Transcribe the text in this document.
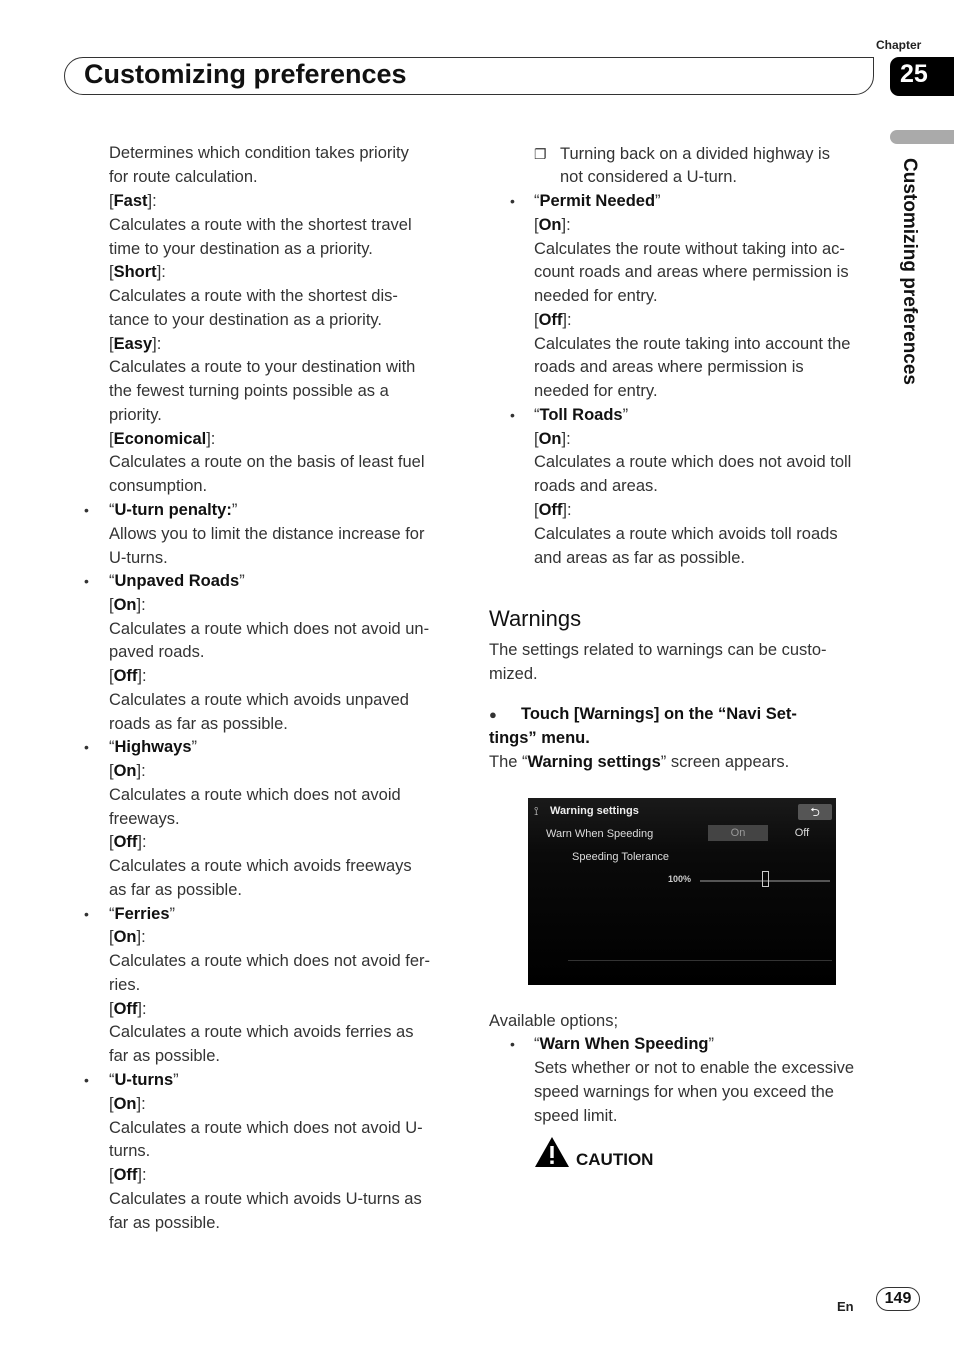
Chapter
Customizing preferences	25
Customizing preferences
Determines which condition takes priority
for route calculation.
[Fast]:
Calculates a route with the shortest travel
time to your destination as a priority.
[Short]:
Calculates a route with the shortest dis-
tance to your destination as a priority.
[Easy]:
Calculates a route to your destination with
the fewest turning points possible as a
priority.
[Economical]:
Calculates a route on the basis of least fuel
consumption.
• “U-turn penalty:”
Allows you to limit the distance increase for
U-turns.
• “Unpaved Roads”
[On]:
Calculates a route which does not avoid un-
paved roads.
[Off]:
Calculates a route which avoids unpaved
roads as far as possible.
• “Highways”
[On]:
Calculates a route which does not avoid
freeways.
[Off]:
Calculates a route which avoids freeways
as far as possible.
• “Ferries”
[On]:
Calculates a route which does not avoid fer-
ries.
[Off]:
Calculates a route which avoids ferries as
far as possible.
• “U-turns”
[On]:
Calculates a route which does not avoid U-
turns.
[Off]:
Calculates a route which avoids U-turns as
far as possible.
❐ Turning back on a divided highway is
not considered a U-turn.
• “Permit Needed”
[On]:
Calculates the route without taking into ac-
count roads and areas where permission is
needed for entry.
[Off]:
Calculates the route taking into account the
roads and areas where permission is
needed for entry.
• “Toll Roads”
[On]:
Calculates a route which does not avoid toll
roads and areas.
[Off]:
Calculates a route which avoids toll roads
and areas as far as possible.
Warnings
The settings related to warnings can be custo-
mized.
● Touch [Warnings] on the “Navi Set-
tings” menu.
The “Warning settings” screen appears.
⟟ Warning settings	⮌
Warn When Speeding	On	Off
Speeding Tolerance
100%
Available options;
• “Warn When Speeding”
Sets whether or not to enable the excessive
speed warnings for when you exceed the
speed limit.
CAUTION
En	149
